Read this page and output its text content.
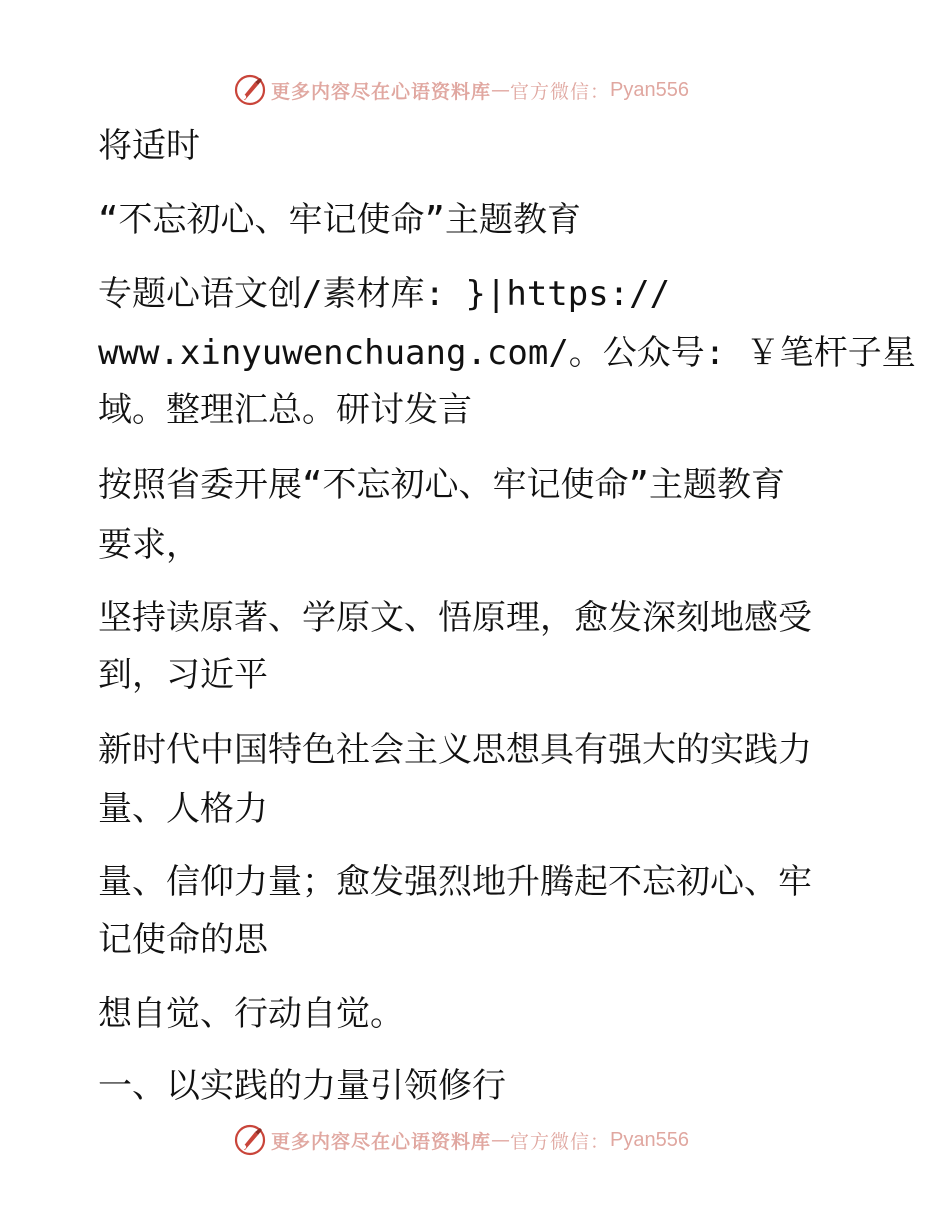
更多内容尽在心语资料库 — 官方微信： Pyan556
将适时
“不忘初心、牢记使命”主题教育
专题心语文创/素材库: }|https://
www.xinyuwenchuang.com/。公众号: ￥笔杆子星
域。整理汇总。研讨发言
按照省委开展“不忘初心、牢记使命”主题教育
要求，
坚持读原著、学原文、悟原理，愈发深刻地感受
到，习近平
新时代中国特色社会主义思想具有强大的实践力
量、人格力
量、信仰力量；愈发强烈地升腾起不忘初心、牢
记使命的思
想自觉、行动自觉。
一、以实践的力量引领修行
更多内容尽在心语资料库 — 官方微信： Pyan556
